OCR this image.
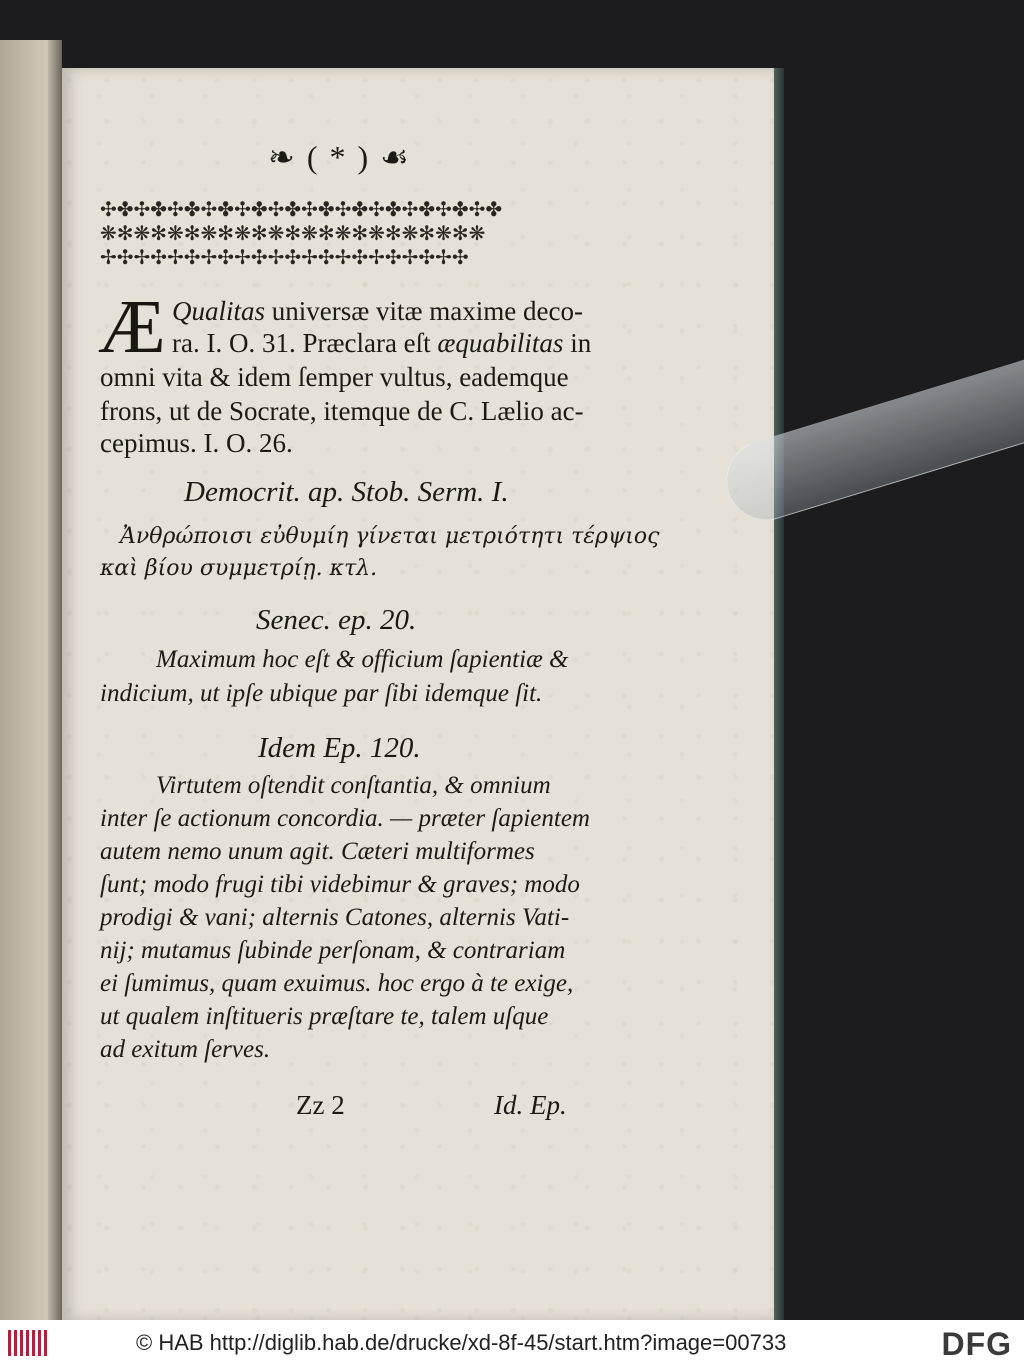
❧ ( * ) ☙
✣✤✣✤✣✤✣✤✣✤✣✤✣✤✣✤✣✤✣✤✣✤✣✤
❋✻❋✻❋✻❋✻❋✻❋✻❋✻❋✻❋✻❋✻❋✻❋
✢✣✢✣✢✣✢✣✢✣✢✣✢✣✢✣✢✣✢✣✢✣
Æ Qualitas universæ vitæ maxime deco-
ra. I. O. 31. Præclara eſt æquabilitas in
omni vita & idem ſemper vultus, eademque
frons, ut de Socrate, itemque de C. Lælio ac-
cepimus. I. O. 26.
Democrit. ap. Stob. Serm. I.
Ἀνθρώποισι εὐθυμίη γίνεται μετριότητι τέρψιος
καὶ βίου συμμετρίῃ. κτλ.
Senec. ep. 20.
Maximum hoc eſt & officium ſapientiæ &
indicium, ut ipſe ubique par ſibi idemque ſit.
Idem Ep. 120.
Virtutem oſtendit conſtantia, & omnium
inter ſe actionum concordia. — præter ſapientem
autem nemo unum agit. Cæteri multiformes
ſunt; modo frugi tibi videbimur & graves; modo
prodigi & vani; alternis Catones, alternis Vati-
nij; mutamus ſubinde perſonam, & contrariam
ei ſumimus, quam exuimus. hoc ergo à te exige,
ut qualem inſtitueris præſtare te, talem uſque
ad exitum ſerves.
Zz 2	Id. Ep.
© HAB http://diglib.hab.de/drucke/xd-8f-45/start.htm?image=00733	DFG
